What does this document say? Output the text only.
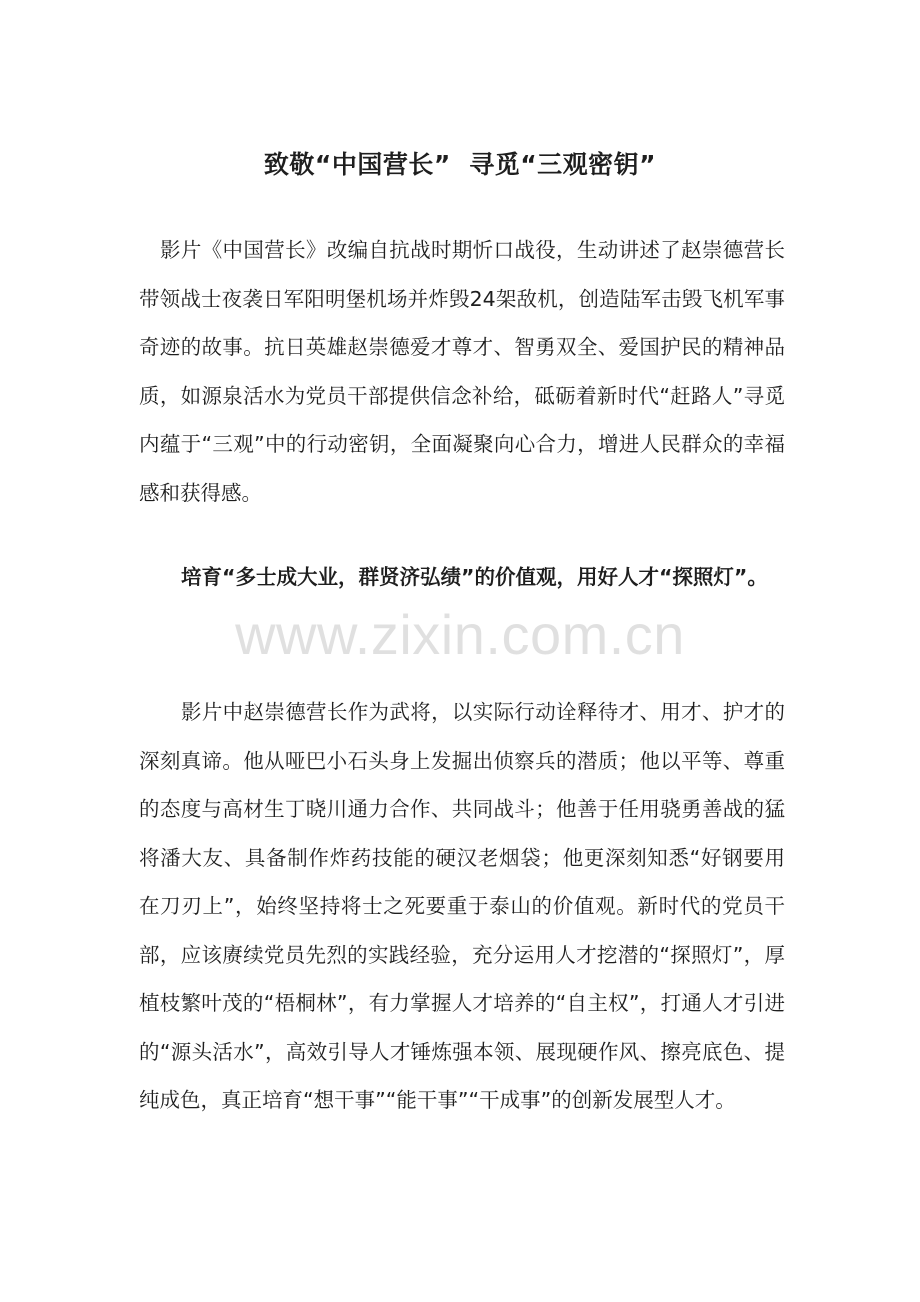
致敬“中国营长”  寻觅“三观密钥”

影片《中国营长》改编自抗战时期忻口战役，生动讲述了赵崇德营长带领战士夜袭日军阳明堡机场并炸毁24架敌机，创造陆军击毁飞机军事奇迹的故事。抗日英雄赵崇德爱才尊才、智勇双全、爱国护民的精神品质，如源泉活水为党员干部提供信念补给，砥砺着新时代“赶路人”寻觅内蕴于“三观”中的行动密钥，全面凝聚向心合力，增进人民群众的幸福感和获得感。

培育“多士成大业，群贤济弘绩”的价值观，用好人才“探照灯”。

www.zixin.com.cn

影片中赵崇德营长作为武将，以实际行动诠释待才、用才、护才的深刻真谛。他从哑巴小石头身上发掘出侦察兵的潜质；他以平等、尊重的态度与高材生丁晓川通力合作、共同战斗；他善于任用骁勇善战的猛将潘大友、具备制作炸药技能的硬汉老烟袋；他更深刻知悉“好钢要用在刀刃上”，始终坚持将士之死要重于泰山的价值观。新时代的党员干部，应该赓续党员先烈的实践经验，充分运用人才挖潜的“探照灯”，厚植枝繁叶茂的“梧桐林”，有力掌握人才培养的“自主权”，打通人才引进的“源头活水”，高效引导人才锤炼强本领、展现硬作风、擦亮底色、提纯成色，真正培育“想干事”“能干事”“干成事”的创新发展型人才。
